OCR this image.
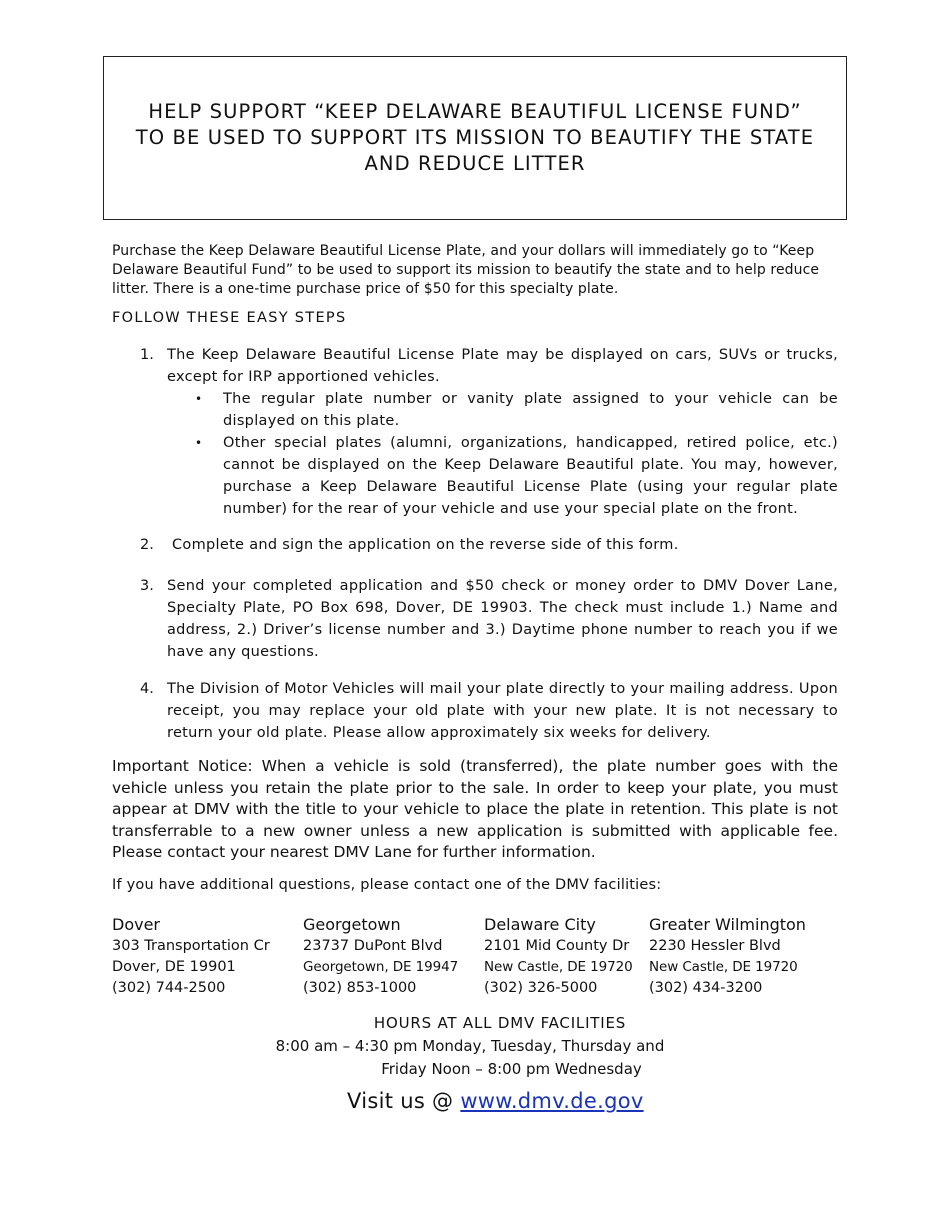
HELP SUPPORT “KEEP DELAWARE BEAUTIFUL LICENSE FUND”
TO BE USED TO SUPPORT ITS MISSION TO BEAUTIFY THE STATE AND REDUCE LITTER

Purchase the Keep Delaware Beautiful License Plate, and your dollars will immediately go to “Keep Delaware Beautiful Fund” to be used to support its mission to beautify the state and to help reduce litter. There is a one-time purchase price of $50 for this specialty plate.

FOLLOW THESE EASY STEPS
1. The Keep Delaware Beautiful License Plate may be displayed on cars, SUVs or trucks, except for IRP apportioned vehicles.
• The regular plate number or vanity plate assigned to your vehicle can be displayed on this plate.
• Other special plates (alumni, organizations, handicapped, retired police, etc.) cannot be displayed on the Keep Delaware Beautiful plate. You may, however, purchase a Keep Delaware Beautiful License Plate (using your regular plate number) for the rear of your vehicle and use your special plate on the front.
2. Complete and sign the application on the reverse side of this form.
3. Send your completed application and $50 check or money order to DMV Dover Lane, Specialty Plate, PO Box 698, Dover, DE 19903. The check must include 1.) Name and address, 2.) Driver’s license number and 3.) Daytime phone number to reach you if we have any questions.
4. The Division of Motor Vehicles will mail your plate directly to your mailing address. Upon receipt, you may replace your old plate with your new plate. It is not necessary to return your old plate. Please allow approximately six weeks for delivery.

Important Notice: When a vehicle is sold (transferred), the plate number goes with the vehicle unless you retain the plate prior to the sale. In order to keep your plate, you must appear at DMV with the title to your vehicle to place the plate in retention. This plate is not transferrable to a new owner unless a new application is submitted with applicable fee. Please contact your nearest DMV Lane for further information.

If you have additional questions, please contact one of the DMV facilities:

Dover
303 Transportation Cr
Dover, DE 19901
(302) 744-2500
Georgetown
23737 DuPont Blvd
Georgetown, DE 19947
(302) 853-1000
Delaware City
2101 Mid County Dr
New Castle, DE 19720
(302) 326-5000
Greater Wilmington
2230 Hessler Blvd
New Castle, DE 19720
(302) 434-3200
HOURS AT ALL DMV FACILITIES
8:00 am – 4:30 pm Monday, Tuesday, Thursday and
Friday Noon – 8:00 pm Wednesday
Visit us @ www.dmv.de.gov
